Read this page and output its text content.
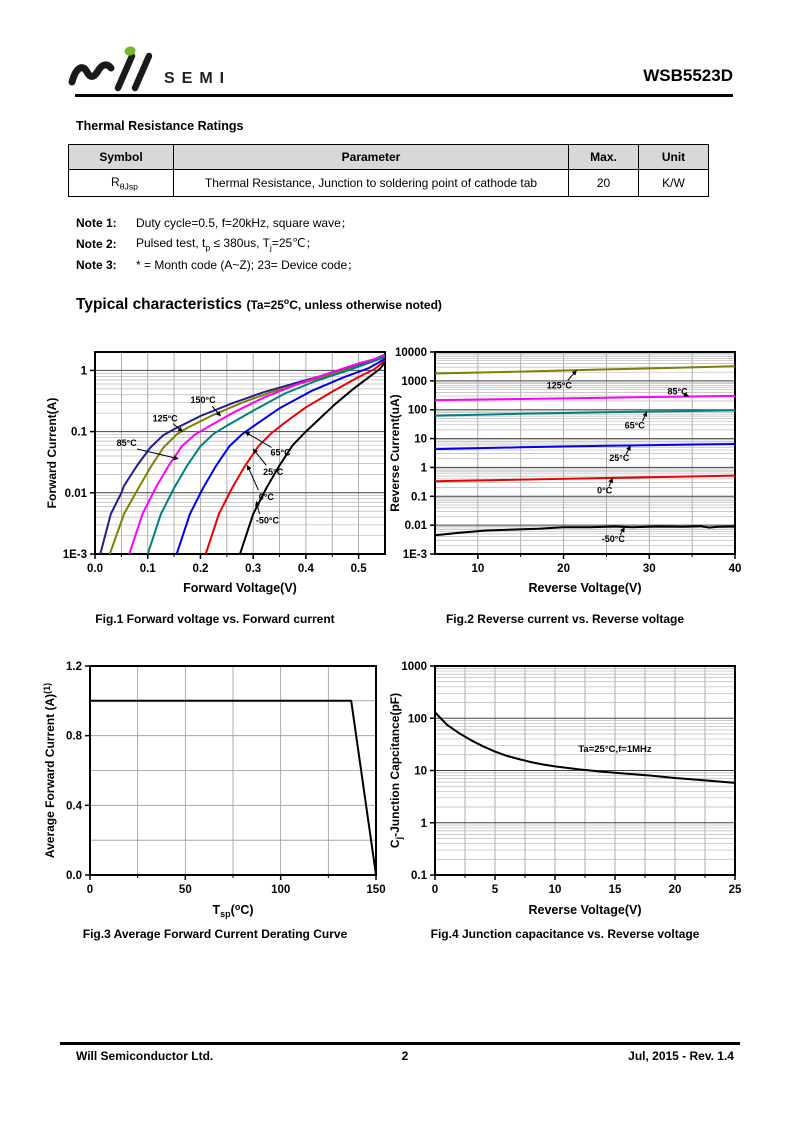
SEMI	WSB5523D
Thermal Resistance Ratings
Symbol	Parameter	Max.	Unit
$R_{\theta Jsp}$	Thermal Resistance, Junction to soldering point of cathode tab	20	K/W
Note 1:	Duty cycle=0.5, f=20kHz, square wave；
Note 2:	Pulsed test, $t_p \le 380us$, $T_j=25℃$；
Note 3:	* = Month code (A~Z); 23= Device code；
Typical characteristics ($Ta=25^oC$, unless otherwise noted)
0.0	0.1	0.2	0.3	0.4	0.5
1
0.1
0.01
1E-3
150°C
125°C
85°C
65°C
25°C
0°C
-50°C
Forward Voltage(V)
Forward Current(A)
10	20	30	40
10000
1000
100
10
1
0.1
0.01
1E-3
125°C
85°C
65°C
25°C
0°C
-50°C
Reverse Voltage(V)
Reverse Current(uA)
Fig.1 Forward voltage vs. Forward current	Fig.2 Reverse current vs. Reverse voltage
0	50	100	150
0.0
0.4
0.8
1.2
$T_{sp}(^oC)$
Average Forward Current $(A)^{(1)}$
0	5	10	15	20	25
1000
100
10
1
0.1
Ta=25°C,f=1MHz
Reverse Voltage(V)
$C_j$-Junction Capcitance(pF)
Fig.3 Average Forward Current Derating Curve	Fig.4 Junction capacitance vs. Reverse voltage
Will Semiconductor Ltd.	2	Jul, 2015 - Rev. 1.4
